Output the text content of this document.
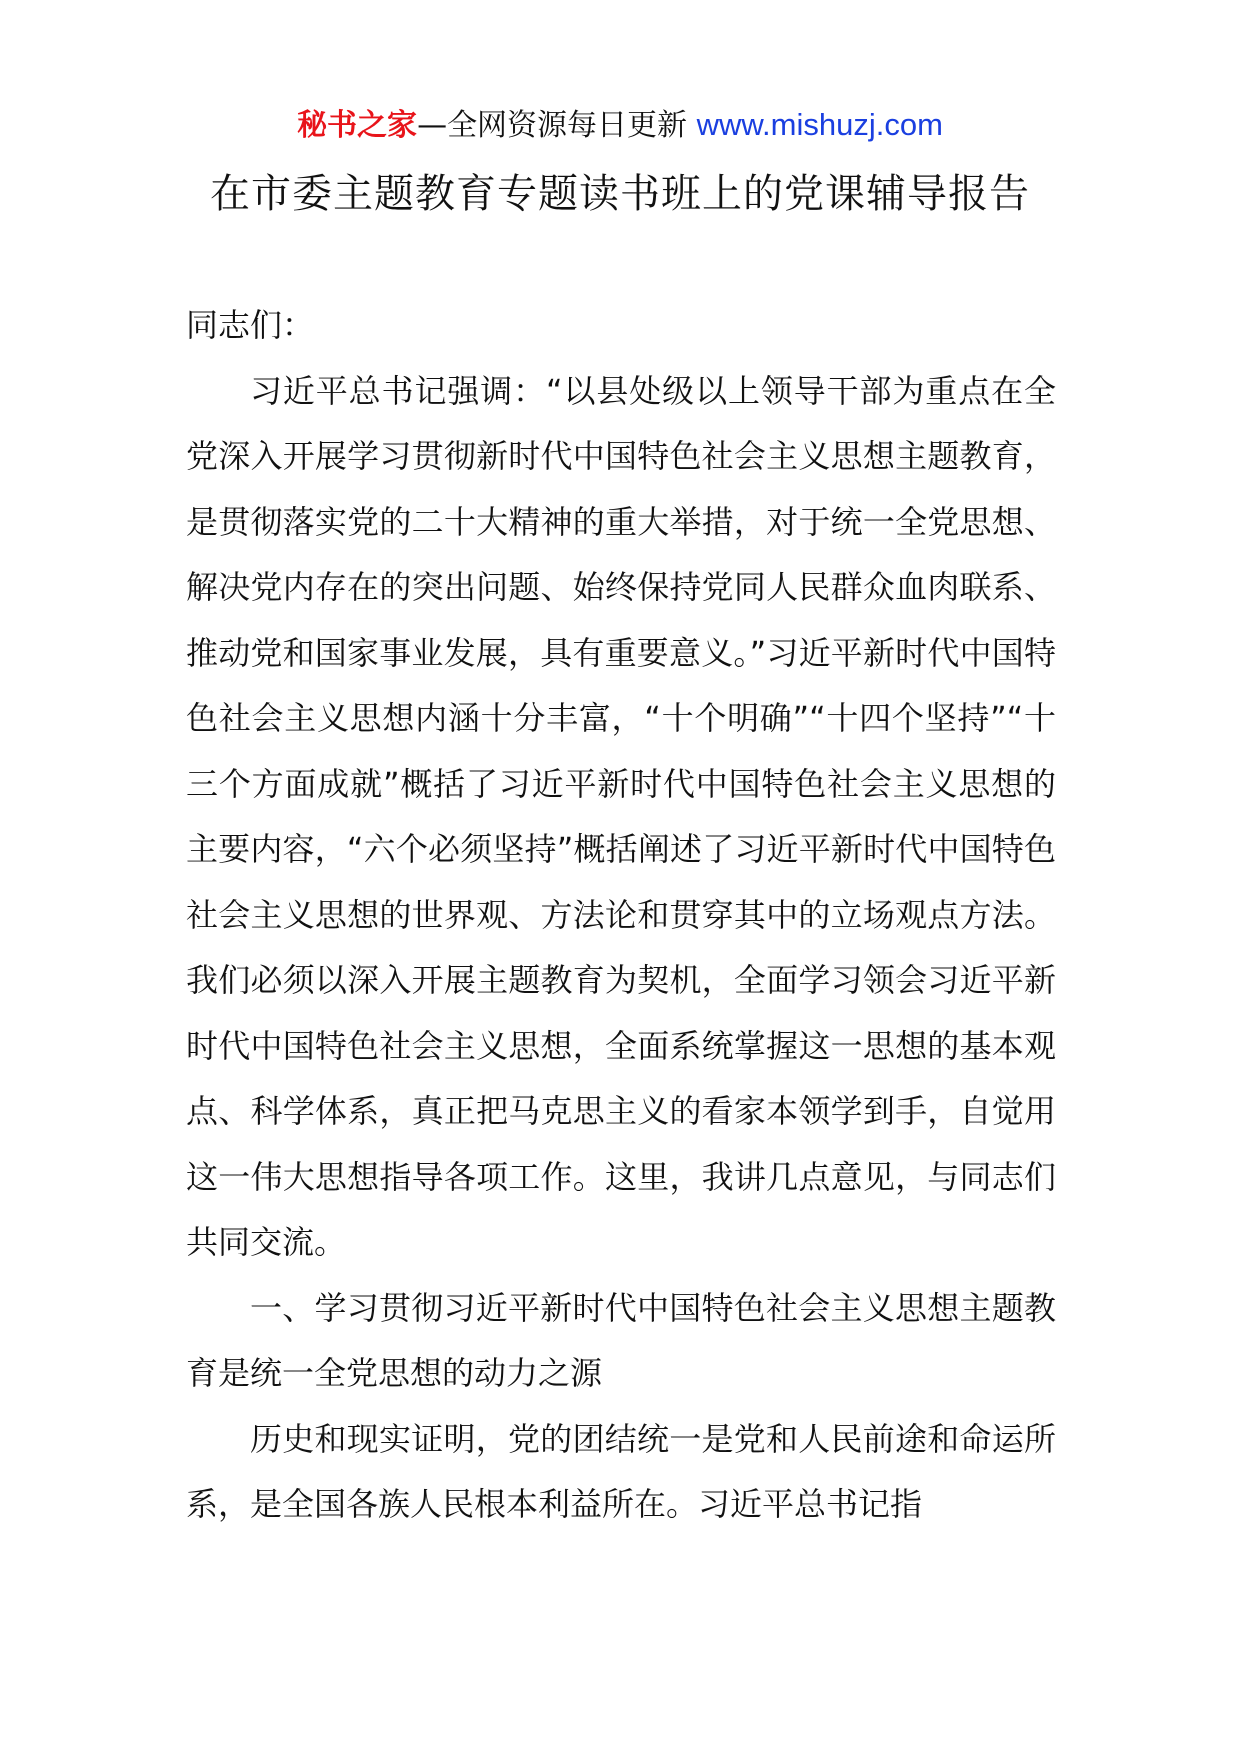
秘书之家—全网资源每日更新 www.mishuzj.com
在市委主题教育专题读书班上的党课辅导报告

同志们：

习近平总书记强调：“以县处级以上领导干部为重点在全党深入开展学习贯彻新时代中国特色社会主义思想主题教育，是贯彻落实党的二十大精神的重大举措，对于统一全党思想、解决党内存在的突出问题、始终保持党同人民群众血肉联系、推动党和国家事业发展，具有重要意义。”习近平新时代中国特色社会主义思想内涵十分丰富，“十个明确”“十四个坚持”“十三个方面成就”概括了习近平新时代中国特色社会主义思想的主要内容，“六个必须坚持”概括阐述了习近平新时代中国特色社会主义思想的世界观、方法论和贯穿其中的立场观点方法。我们必须以深入开展主题教育为契机，全面学习领会习近平新时代中国特色社会主义思想，全面系统掌握这一思想的基本观点、科学体系，真正把马克思主义的看家本领学到手，自觉用这一伟大思想指导各项工作。这里，我讲几点意见，与同志们共同交流。

一、学习贯彻习近平新时代中国特色社会主义思想主题教育是统一全党思想的动力之源

历史和现实证明，党的团结统一是党和人民前途和命运所系，是全国各族人民根本利益所在。习近平总书记指
